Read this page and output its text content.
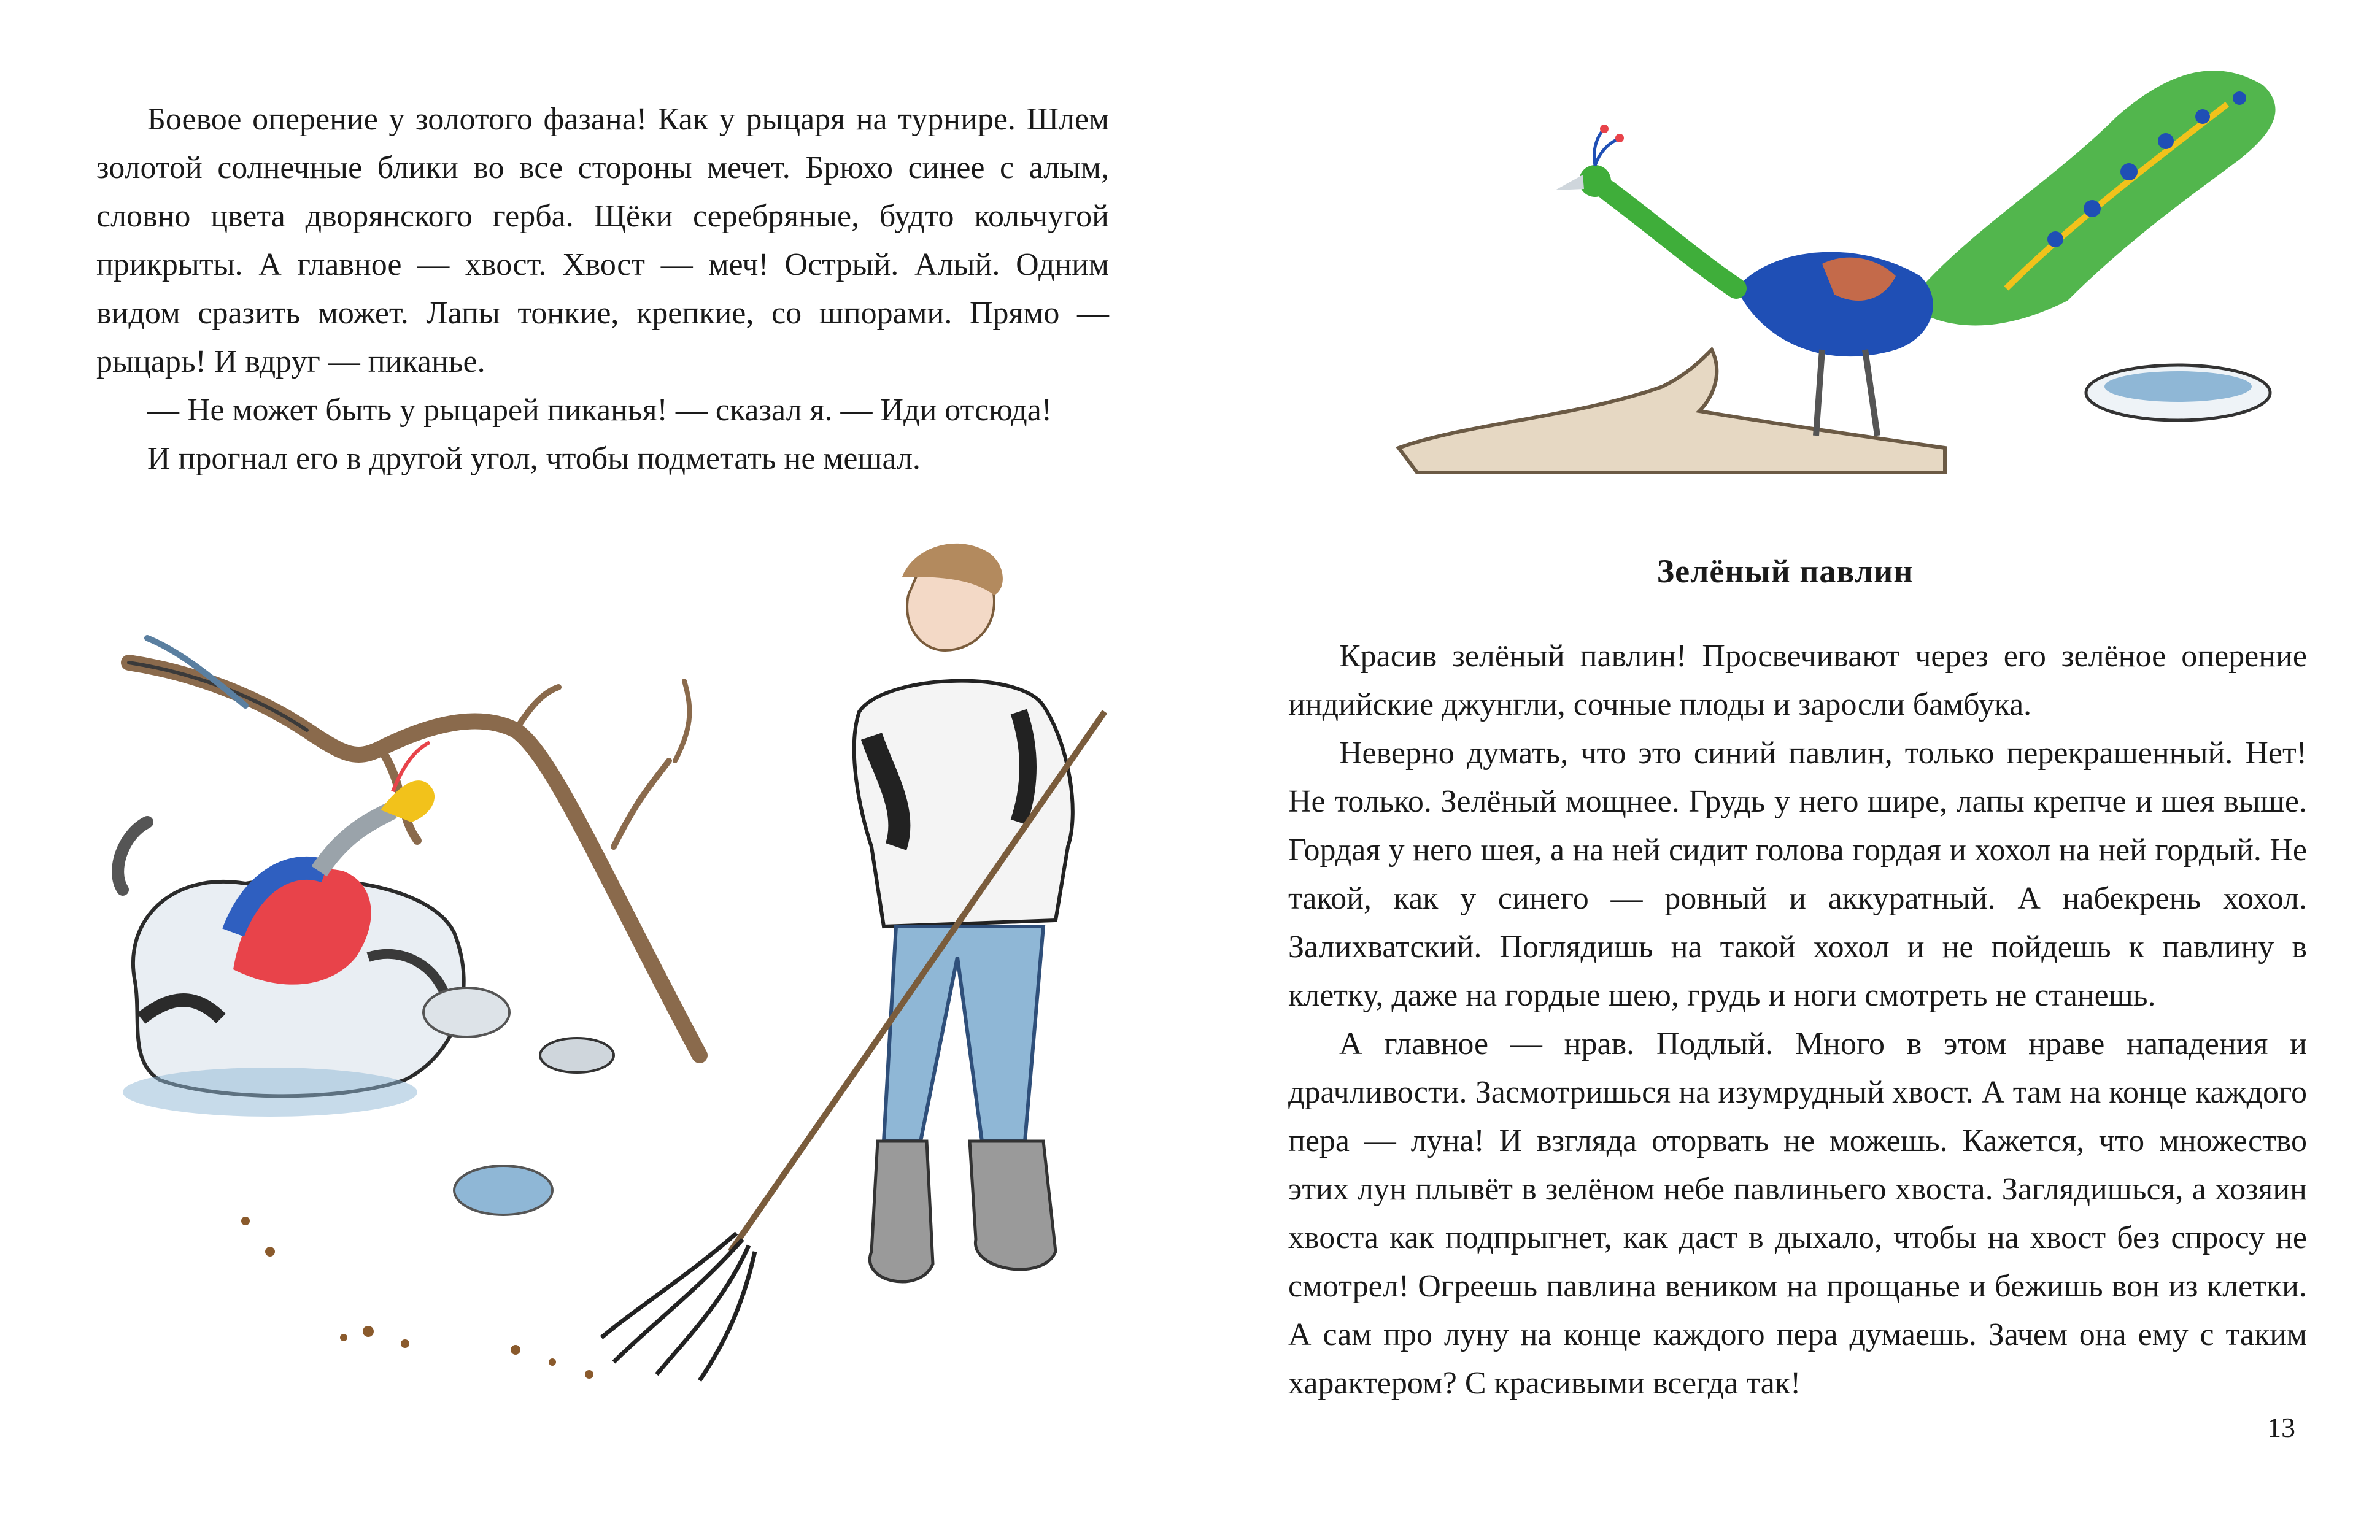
Боевое оперение у золотого фазана! Как у рыцаря на турнире. Шлем золотой солнечные блики во все стороны мечет. Брюхо синее с алым, словно цвета дворянского герба. Щёки серебряные, будто кольчугой прикрыты. А главное — хвост. Хвост — меч! Острый. Алый. Одним видом сразить может. Лапы тонкие, крепкие, со шпорами. Прямо — рыцарь! И вдруг — пиканье.

— Не может быть у рыцарей пиканья! — сказал я. — Иди отсюда!

И прогнал его в другой угол, чтобы подметать не мешал.

Зелёный павлин

Красив зелёный павлин! Просвечивают через его зелёное оперение индийские джунгли, сочные плоды и заросли бамбука.

Неверно думать, что это синий павлин, только перекрашенный. Нет! Не только. Зелёный мощнее. Грудь у него шире, лапы крепче и шея выше. Гордая у него шея, а на ней сидит голова гордая и хохол на ней гордый. Не такой, как у синего — ровный и аккуратный. А набекрень хохол. Залихватский. Поглядишь на такой хохол и не пойдешь к павлину в клетку, даже на гордые шею, грудь и ноги смотреть не станешь.

А главное — нрав. Подлый. Много в этом нраве нападения и драчливости. Засмотришься на изумрудный хвост. А там на конце каждого пера — луна! И взгляда оторвать не можешь. Кажется, что множество этих лун плывёт в зелёном небе павлиньего хвоста. Заглядишься, а хозяин хвоста как подпрыгнет, как даст в дыхало, чтобы на хвост без спросу не смотрел! Огреешь павлина веником на прощанье и бежишь вон из клетки. А сам про луну на конце каждого пера думаешь. Зачем она ему с таким характером? С красивыми всегда так!

13
